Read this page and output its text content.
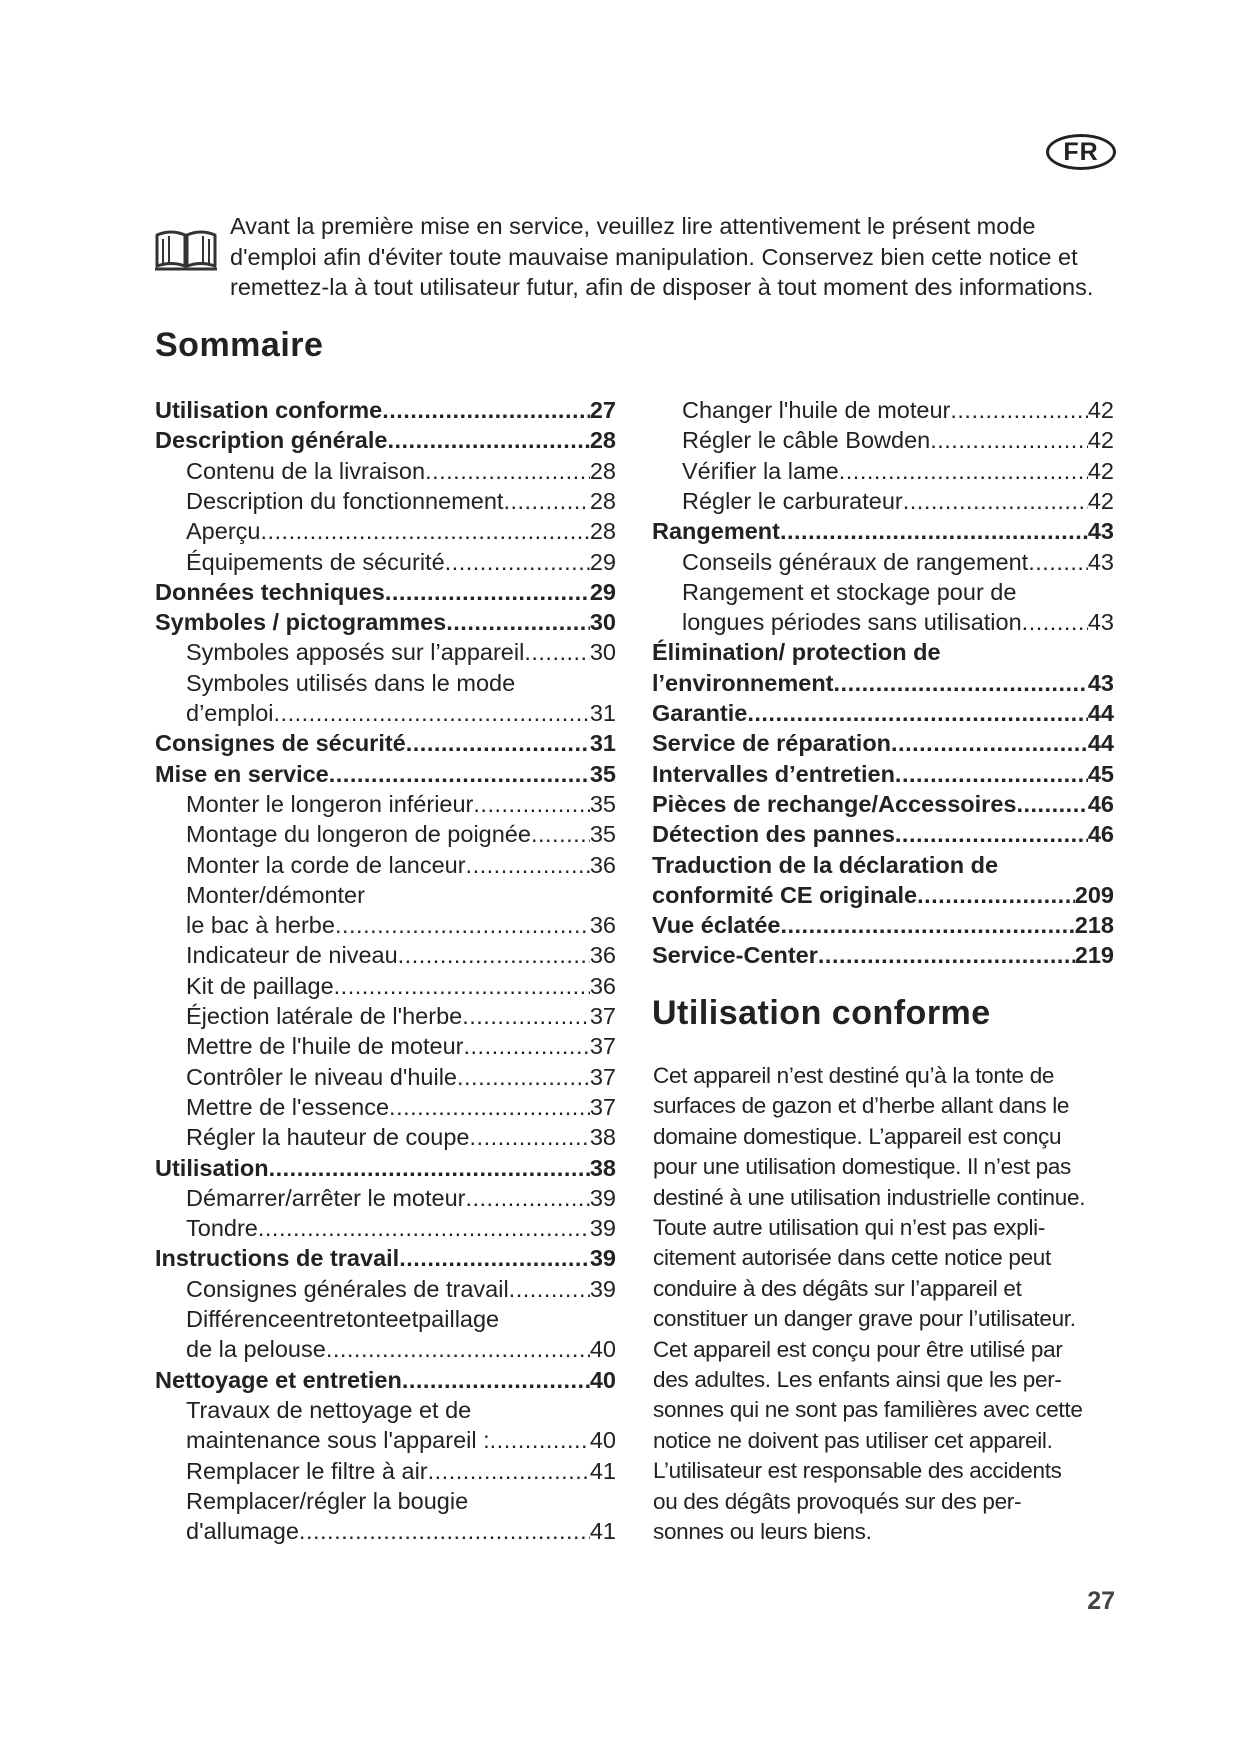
FR

Avant la première mise en service, veuillez lire attentivement le présent mode

d'emploi afin d'éviter toute mauvaise manipulation. Conservez bien cette notice et

remettez-la à tout utilisateur futur, afin de disposer à tout moment des informations.

Sommaire
Utilisation conforme .....	27
Description générale .....	28
Contenu de la livraison .....	28
Description du fonctionnement .....	28
Aperçu .....	28
Équipements de sécurité .....	29
Données techniques .....	29
Symboles / pictogrammes .....	30
Symboles apposés sur l’appareil .....	30
Symboles utilisés dans le mode
d’emploi .....	31
Consignes de sécurité .....	31
Mise en service .....	35
Monter le longeron inférieur .....	35
Montage du longeron de poignée .....	35
Monter la corde de lanceur .....	36
Monter/démonter
le bac à herbe .....	36
Indicateur de niveau .....	36
Kit de paillage .....	36
Éjection latérale de l'herbe .....	37
Mettre de l'huile de moteur .....	37
Contrôler le niveau d'huile .....	37
Mettre de l'essence .....	37
Régler la hauteur de coupe .....	38
Utilisation .....	38
Démarrer/arrêter le moteur .....	39
Tondre .....	39
Instructions de travail .....	39
Consignes générales de travail .....	39
Différenceentretonteetpaillage
de la pelouse .....	40
Nettoyage et entretien .....	40
Travaux de nettoyage et de
maintenance sous l'appareil : .....	40
Remplacer le filtre à air .....	41
Remplacer/régler la bougie
d'allumage .....	41
Changer l'huile de moteur .....	42
Régler le câble Bowden .....	42
Vérifier la lame .....	42
Régler le carburateur .....	42
Rangement .....	43
Conseils généraux de rangement .....	43
Rangement et stockage pour de
longues périodes sans utilisation .....	43
Élimination/ protection de
l’environnement .....	43
Garantie .....	44
Service de réparation .....	44
Intervalles d’entretien .....	45
Pièces de rechange/Accessoires .....	46
Détection des pannes .....	46
Traduction de la déclaration de
conformité CE originale .....	209
Vue éclatée .....	218
Service-Center .....	219
Utilisation conforme
Cet appareil n’est destiné qu’à la tonte de
surfaces de gazon et d’herbe allant dans le
domaine domestique. L’appareil est conçu
pour une utilisation domestique. Il n’est pas
destiné à une utilisation industrielle continue.
Toute autre utilisation qui n’est pas expli-
citement autorisée dans cette notice peut
conduire à des dégâts sur l’appareil et
constituer un danger grave pour l’utilisateur.
Cet appareil est conçu pour être utilisé par
des adultes. Les enfants ainsi que les per-
sonnes qui ne sont pas familières avec cette
notice ne doivent pas utiliser cet appareil.
L’utilisateur est responsable des accidents
ou des dégâts provoqués sur des per-
sonnes ou leurs biens.
27
